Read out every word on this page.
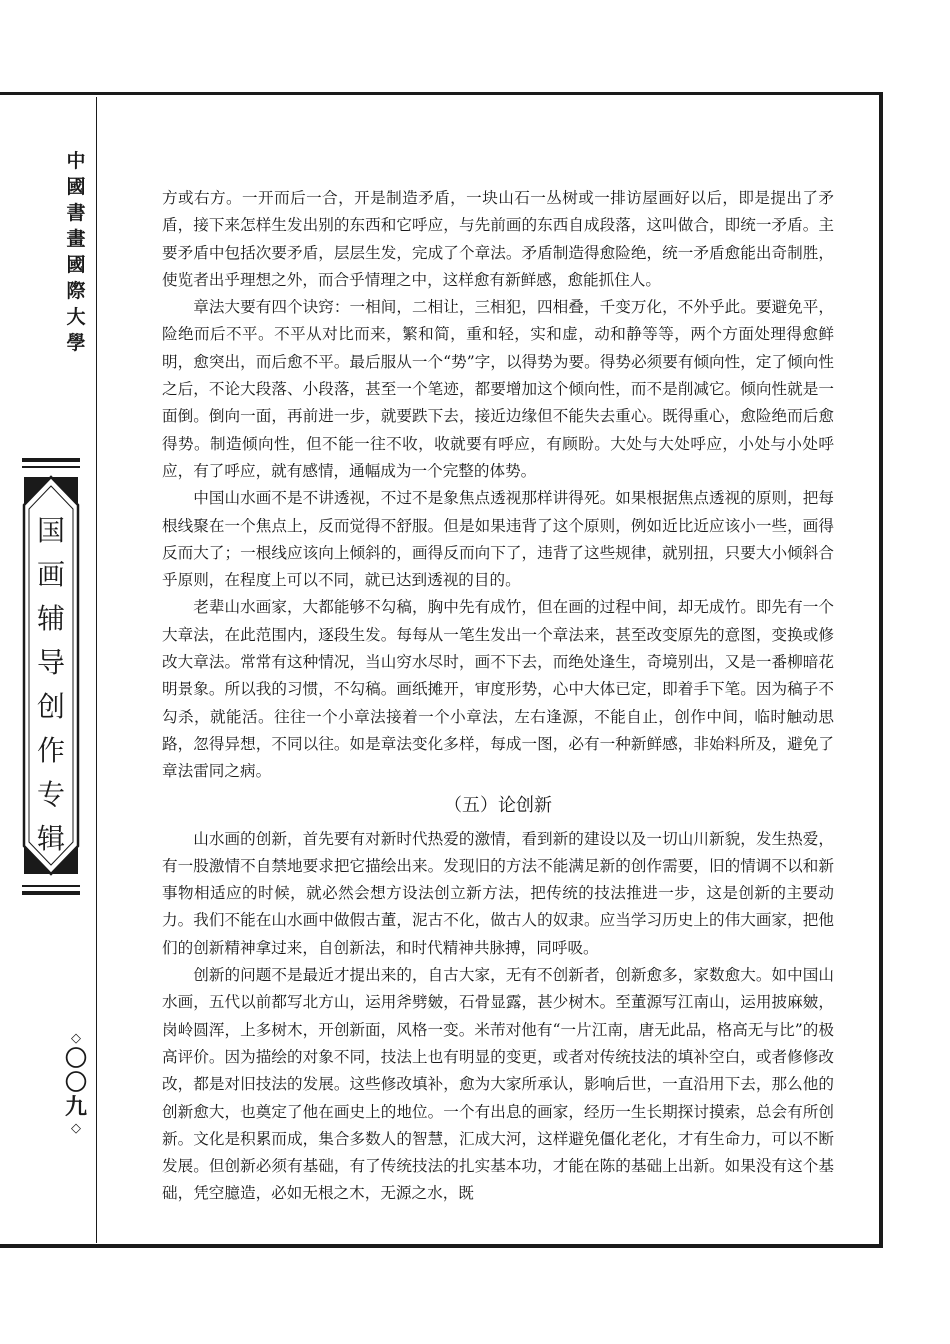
中
國
書
畫
國
際
大
學
国
画
辅
导
创
作
专
辑
◇
〇
〇
九
◇

方或右方。一开而后一合，开是制造矛盾，一块山石一丛树或一排访屋画好以后，即是提出了矛盾，接下来怎样生发出别的东西和它呼应，与先前画的东西自成段落，这叫做合，即统一矛盾。主要矛盾中包括次要矛盾，层层生发，完成了个章法。矛盾制造得愈险绝，统一矛盾愈能出奇制胜，使览者出乎理想之外，而合乎情理之中，这样愈有新鲜感，愈能抓住人。

章法大要有四个诀窍：一相间，二相让，三相犯，四相叠，千变万化，不外乎此。要避免平，险绝而后不平。不平从对比而来，繁和简，重和轻，实和虚，动和静等等，两个方面处理得愈鲜明，愈突出，而后愈不平。最后服从一个“势”字，以得势为要。得势必须要有倾向性，定了倾向性之后，不论大段落、小段落，甚至一个笔迹，都要增加这个倾向性，而不是削减它。倾向性就是一面倒。倒向一面，再前进一步，就要跌下去，接近边缘但不能失去重心。既得重心，愈险绝而后愈得势。制造倾向性，但不能一往不收，收就要有呼应，有顾盼。大处与大处呼应，小处与小处呼应，有了呼应，就有感情，通幅成为一个完整的体势。

中国山水画不是不讲透视，不过不是象焦点透视那样讲得死。如果根据焦点透视的原则，把每根线聚在一个焦点上，反而觉得不舒服。但是如果违背了这个原则，例如近比近应该小一些，画得反而大了；一根线应该向上倾斜的，画得反而向下了，违背了这些规律，就别扭，只要大小倾斜合乎原则，在程度上可以不同，就已达到透视的目的。

老辈山水画家，大都能够不勾稿，胸中先有成竹，但在画的过程中间，却无成竹。即先有一个大章法，在此范围内，逐段生发。每每从一笔生发出一个章法来，甚至改变原先的意图，变换或修改大章法。常常有这种情况，当山穷水尽时，画不下去，而绝处逢生，奇境别出，又是一番柳暗花明景象。所以我的习惯，不勾稿。画纸摊开，审度形势，心中大体已定，即着手下笔。因为稿子不勾杀，就能活。往往一个小章法接着一个小章法，左右逢源，不能自止，创作中间，临时触动思路，忽得异想，不同以往。如是章法变化多样，每成一图，必有一种新鲜感，非始料所及，避免了章法雷同之病。

（五）论创新

山水画的创新，首先要有对新时代热爱的激情，看到新的建设以及一切山川新貌，发生热爱，有一股激情不自禁地要求把它描绘出来。发现旧的方法不能满足新的创作需要，旧的情调不以和新事物相适应的时候，就必然会想方设法创立新方法，把传统的技法推进一步，这是创新的主要动力。我们不能在山水画中做假古董，泥古不化，做古人的奴隶。应当学习历史上的伟大画家，把他们的创新精神拿过来，自创新法，和时代精神共脉搏，同呼吸。

创新的问题不是最近才提出来的，自古大家，无有不创新者，创新愈多，家数愈大。如中国山水画，五代以前都写北方山，运用斧劈皴，石骨显露，甚少树木。至董源写江南山，运用披麻皴，岗岭圆浑，上多树木，开创新面，风格一变。米芾对他有“一片江南，唐无此品，格高无与比”的极高评价。因为描绘的对象不同，技法上也有明显的变更，或者对传统技法的填补空白，或者修修改改，都是对旧技法的发展。这些修改填补，愈为大家所承认，影响后世，一直沿用下去，那么他的创新愈大，也奠定了他在画史上的地位。一个有出息的画家，经历一生长期探讨摸索，总会有所创新。文化是积累而成，集合多数人的智慧，汇成大河，这样避免僵化老化，才有生命力，可以不断发展。但创新必须有基础，有了传统技法的扎实基本功，才能在陈的基础上出新。如果没有这个基础，凭空臆造，必如无根之木，无源之水，既
